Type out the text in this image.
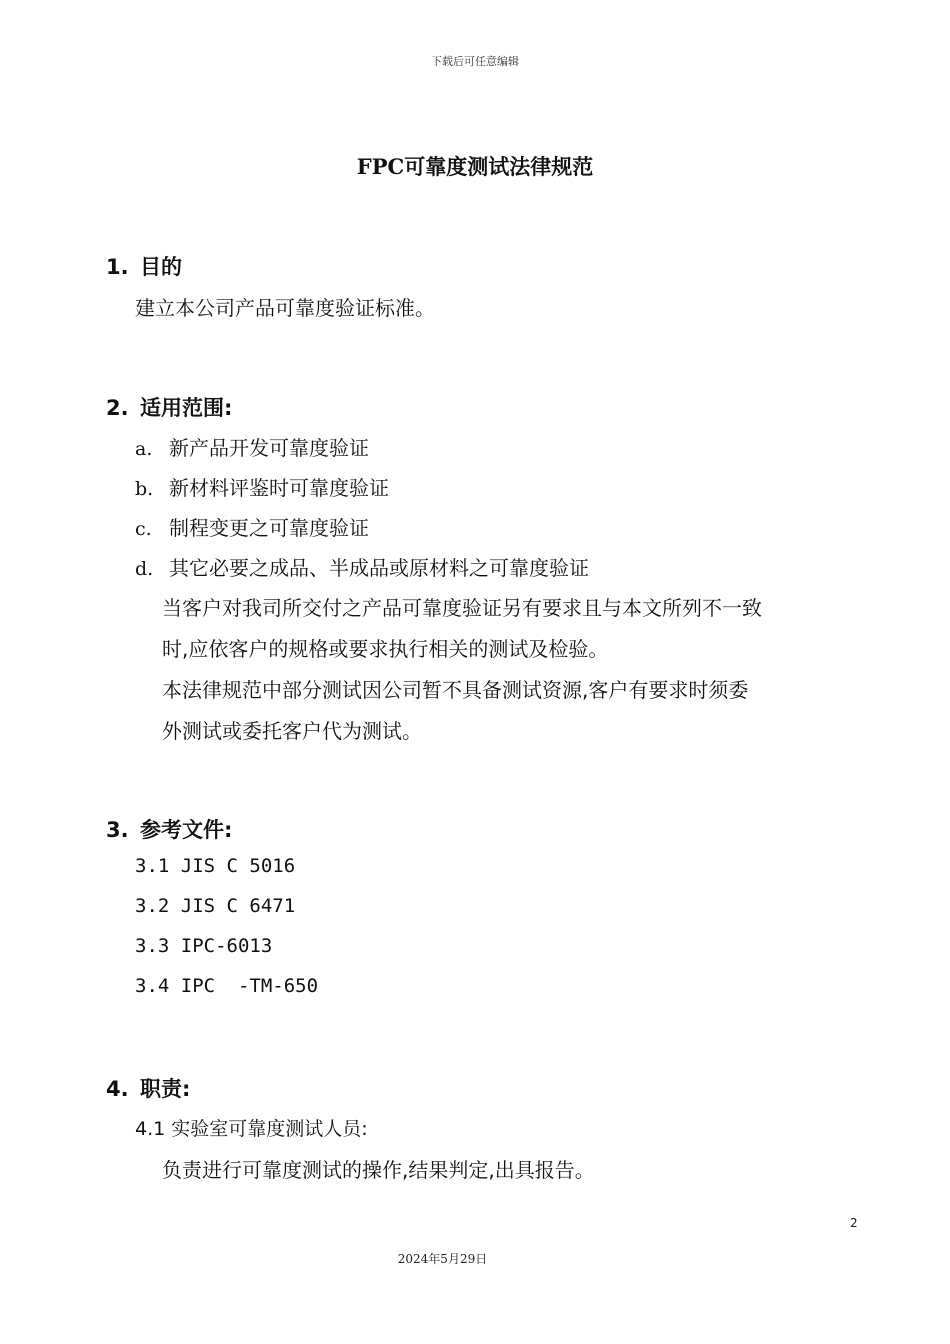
下载后可任意编辑
FPC可靠度测试法律规范
1. 目的
建立本公司产品可靠度验证标准。
2. 适用范围:
a. 新产品开发可靠度验证
b. 新材料评鉴时可靠度验证
c. 制程变更之可靠度验证
d. 其它必要之成品、半成品或原材料之可靠度验证
当客户对我司所交付之产品可靠度验证另有要求且与本文所列不一致
时,应依客户的规格或要求执行相关的测试及检验。
本法律规范中部分测试因公司暂不具备测试资源,客户有要求时须委
外测试或委托客户代为测试。
3. 参考文件:
3.1 JIS C 5016
3.2 JIS C 6471
3.3 IPC-6013
3.4 IPC  -TM-650
4. 职责:
4.1 实验室可靠度测试人员:
负责进行可靠度测试的操作,结果判定,出具报告。
2
2024年5月29日
